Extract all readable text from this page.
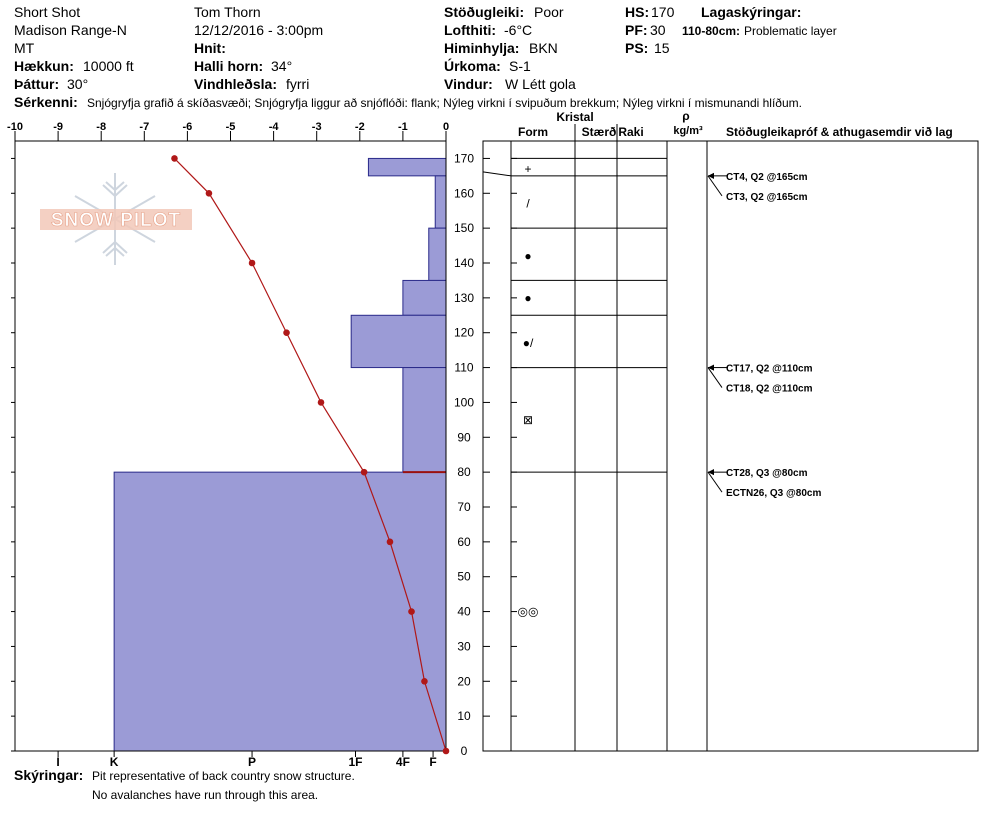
Short Shot	Tom Thorn	Stöðugleiki: Poor	HS: 170 Lagaskýringar:
Madison Range-N	12/12/2016 - 3:00pm	Lofthiti: -6°C	PF: 30 110-80cm: Problematic layer
MT	Hnit:	Himinhylja: BKN	PS: 15
Hækkun: 10000 ft	Halli horn: 34°	Úrkoma: S-1
Þáttur: 30°	Vindhleðsla: fyrri	Vindur: W Létt gola
Sérkenni: Snjógryfja grafið á skíðasvæði; Snjógryfja liggur að snjóflóði: flank; Nýleg virkni í svipuðum brekkum; Nýleg virkni í mismunandi hlíðum.
SNOW PILOT
-10	-9	-8	-7	-6	-5	-4	-3	-2	-1	0
I	K	P	1F	4F F
0
10
20
30
40
50
60
70
80
90
100
110
120
130
140
150
160
170
+
/
●
●
●/
⊠
◎◎
CT4, Q2 @165cm
CT3, Q2 @165cm
CT17, Q2 @110cm
CT18, Q2 @110cm
CT28, Q3 @80cm
ECTN26, Q3 @80cm
Kristal
Form	Stærð Raki
ρ
kg/m³ Stöðugleikapróf & athugasemdir við lag
Skýringar: Pit representative of back country snow structure.
No avalanches have run through this area.
